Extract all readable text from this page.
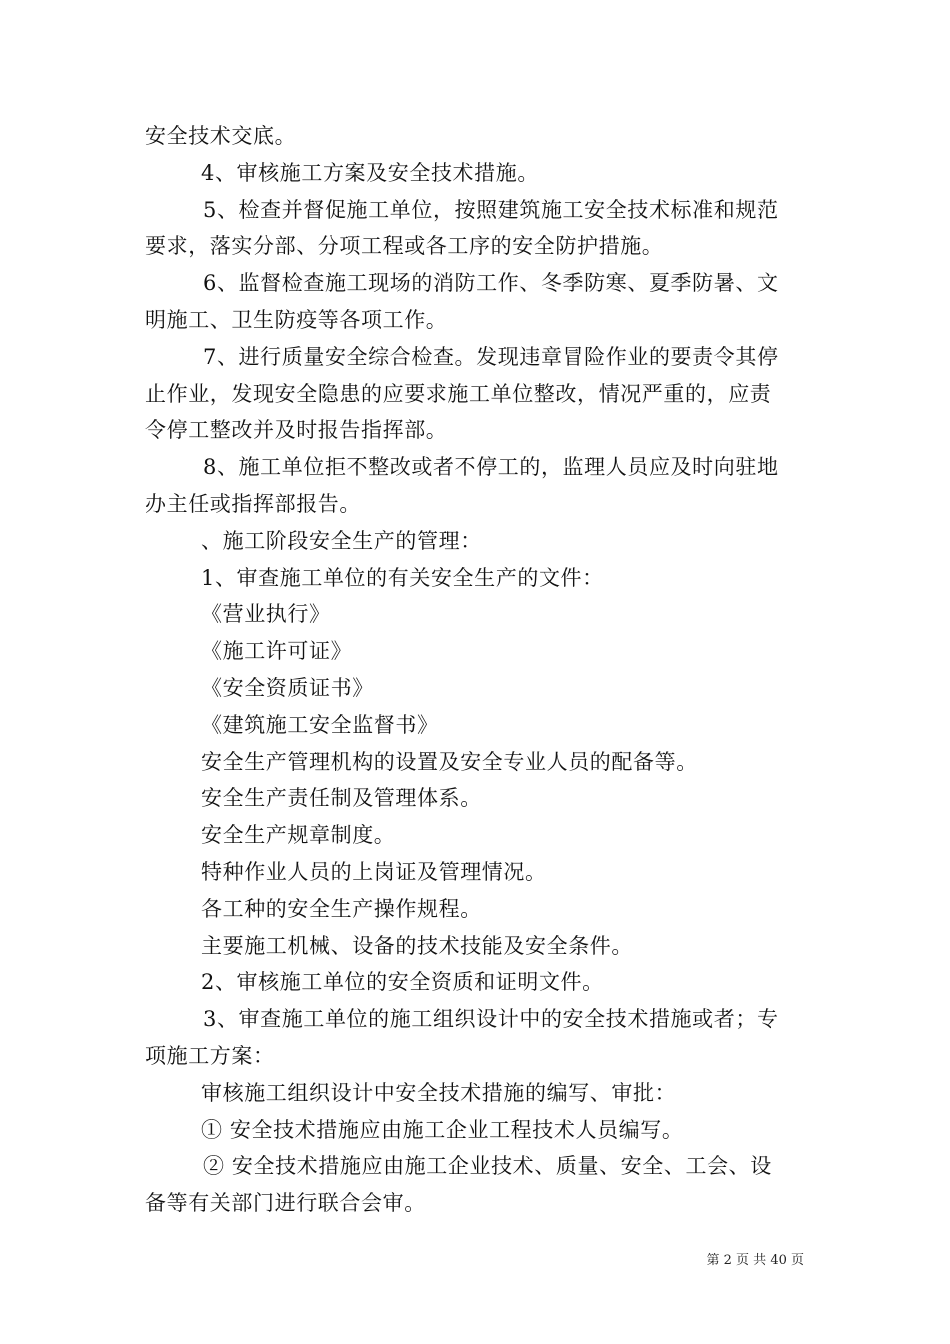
安全技术交底。

4、审核施工方案及安全技术措施。

5、检查并督促施工单位，按照建筑施工安全技术标准和规范

要求，落实分部、分项工程或各工序的安全防护措施。

6、监督检查施工现场的消防工作、冬季防寒、夏季防暑、文

明施工、卫生防疫等各项工作。

7、进行质量安全综合检查。发现违章冒险作业的要责令其停

止作业，发现安全隐患的应要求施工单位整改，情况严重的，应责

令停工整改并及时报告指挥部。

8、施工单位拒不整改或者不停工的，监理人员应及时向驻地

办主任或指挥部报告。

、施工阶段安全生产的管理：

1、审查施工单位的有关安全生产的文件：

《营业执行》

《施工许可证》

《安全资质证书》

《建筑施工安全监督书》

安全生产管理机构的设置及安全专业人员的配备等。

安全生产责任制及管理体系。

安全生产规章制度。

特种作业人员的上岗证及管理情况。

各工种的安全生产操作规程。

主要施工机械、设备的技术技能及安全条件。

2、审核施工单位的安全资质和证明文件。

3、审查施工单位的施工组织设计中的安全技术措施或者；专

项施工方案：

审核施工组织设计中安全技术措施的编写、审批：

① 安全技术措施应由施工企业工程技术人员编写。

② 安全技术措施应由施工企业技术、质量、安全、工会、设

备等有关部门进行联合会审。

第 2 页 共 40 页
